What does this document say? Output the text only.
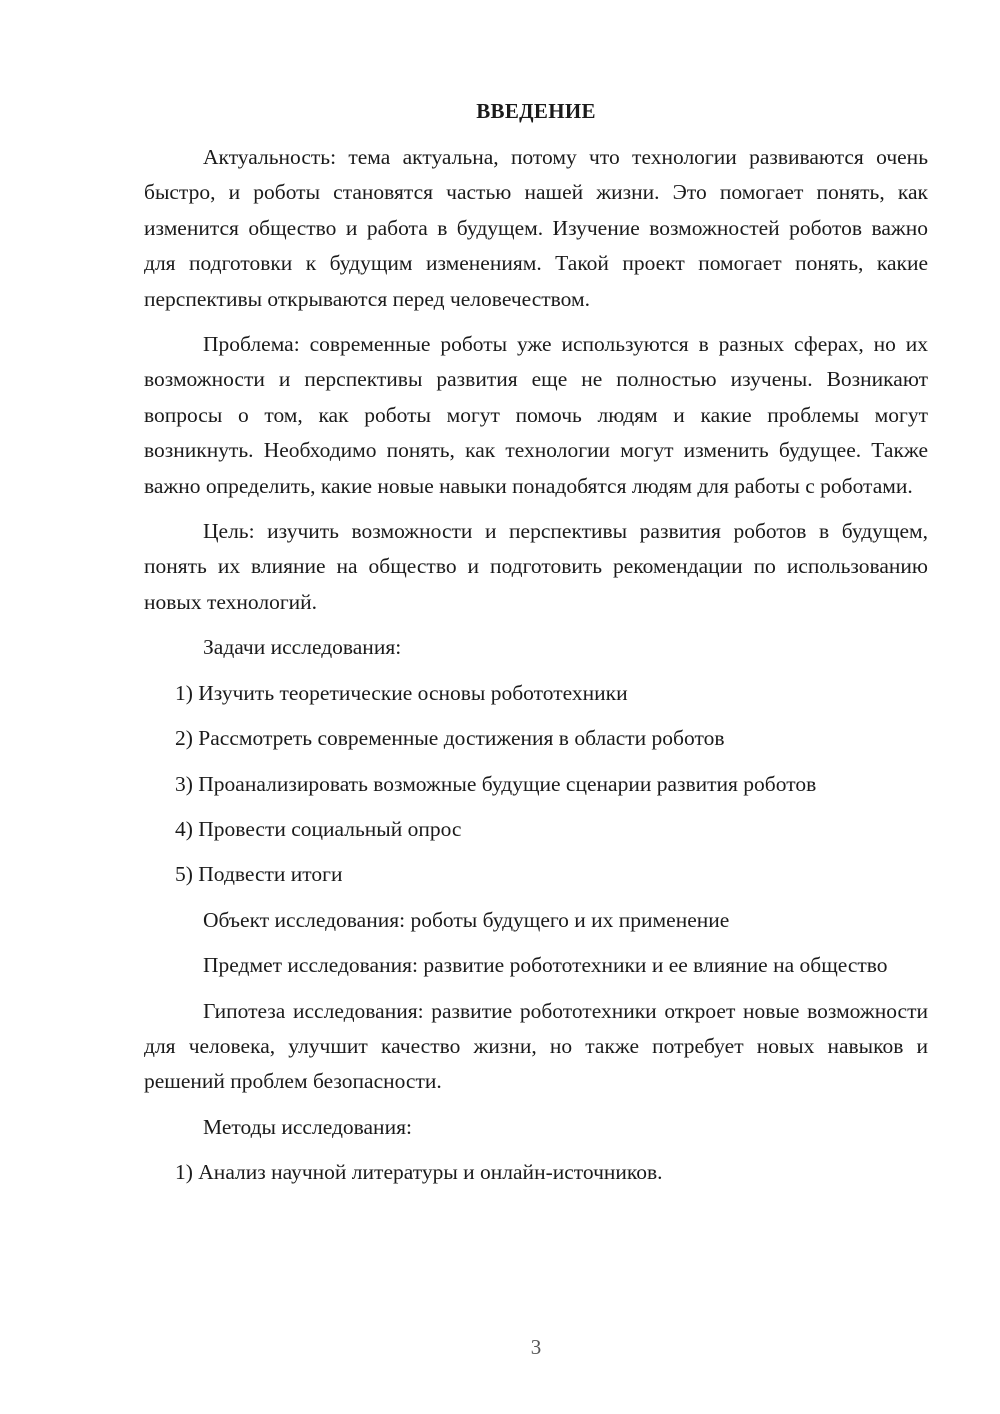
ВВЕДЕНИЕ

Актуальность: тема актуальна, потому что технологии развиваются очень быстро, и роботы становятся частью нашей жизни. Это помогает понять, как изменится общество и работа в будущем. Изучение возможностей роботов важно для подготовки к будущим изменениям. Такой проект помогает понять, какие перспективы открываются перед человечеством.

Проблема: современные роботы уже используются в разных сферах, но их возможности и перспективы развития еще не полностью изучены. Возникают вопросы о том, как роботы могут помочь людям и какие проблемы могут возникнуть. Необходимо понять, как технологии могут изменить будущее. Также важно определить, какие новые навыки понадобятся людям для работы с роботами.

Цель: изучить возможности и перспективы развития роботов в будущем, понять их влияние на общество и подготовить рекомендации по использованию новых технологий.

Задачи исследования:

1) Изучить теоретические основы робототехники

2) Рассмотреть современные достижения в области роботов

3) Проанализировать возможные будущие сценарии развития роботов

4) Провести социальный опрос

5) Подвести итоги

Объект исследования: роботы будущего и их применение

Предмет исследования: развитие робототехники и ее влияние на общество

Гипотеза исследования: развитие робототехники откроет новые возможности для человека, улучшит качество жизни, но также потребует новых навыков и решений проблем безопасности.

Методы исследования:

1) Анализ научной литературы и онлайн-источников.

3
